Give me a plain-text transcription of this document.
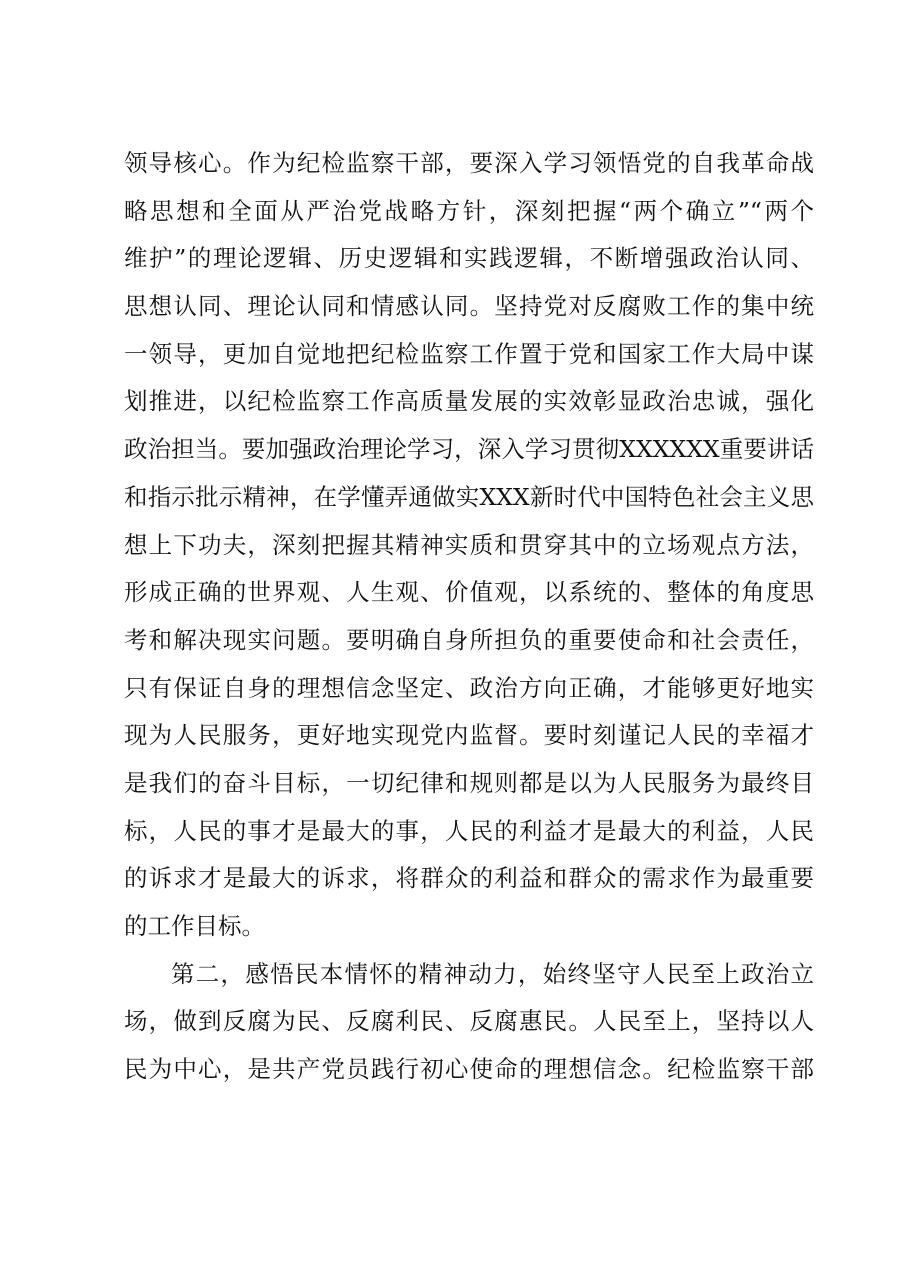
领导核心。作为纪检监察干部，要深入学习领悟党的自我革命战
略思想和全面从严治党战略方针，深刻把握“两个确立”“两个
维护”的理论逻辑、历史逻辑和实践逻辑，不断增强政治认同、
思想认同、理论认同和情感认同。坚持党对反腐败工作的集中统
一领导，更加自觉地把纪检监察工作置于党和国家工作大局中谋
划推进，以纪检监察工作高质量发展的实效彰显政治忠诚，强化
政治担当。要加强政治理论学习，深入学习贯彻XXXXXX重要讲话
和指示批示精神，在学懂弄通做实XXX新时代中国特色社会主义思
想上下功夫，深刻把握其精神实质和贯穿其中的立场观点方法，
形成正确的世界观、人生观、价值观，以系统的、整体的角度思
考和解决现实问题。要明确自身所担负的重要使命和社会责任，
只有保证自身的理想信念坚定、政治方向正确，才能够更好地实
现为人民服务，更好地实现党内监督。要时刻谨记人民的幸福才
是我们的奋斗目标，一切纪律和规则都是以为人民服务为最终目
标，人民的事才是最大的事，人民的利益才是最大的利益，人民
的诉求才是最大的诉求，将群众的利益和群众的需求作为最重要
的工作目标。
第二，感悟民本情怀的精神动力，始终坚守人民至上政治立
场，做到反腐为民、反腐利民、反腐惠民。人民至上，坚持以人
民为中心，是共产党员践行初心使命的理想信念。纪检监察干部
